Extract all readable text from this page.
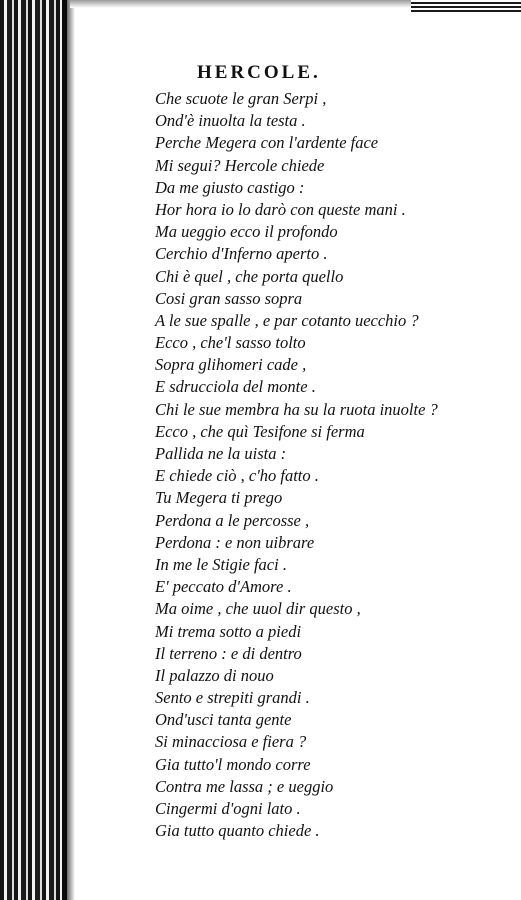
HERCOLE.
Che scuote le gran Serpi ,
Ond'è inuolta la testa .
Perche Megera con l'ardente face
Mi segui? Hercole chiede
Da me giusto castigo :
Hor hora io lo darò con queste mani .
Ma ueggio ecco il profondo
Cerchio d'Inferno aperto .
Chi è quel , che porta quello
Cosi gran sasso sopra
A le sue spalle , e par cotanto uecchio ?
Ecco , che'l sasso tolto
Sopra glihomeri cade ,
E sdrucciola del monte .
Chi le sue membra ha su la ruota inuolte ?
Ecco , che quì Tesifone si ferma
Pallida ne la uista :
E chiede ciò , c'ho fatto .
Tu Megera ti prego
Perdona a le percosse ,
Perdona : e non uibrare
In me le Stigie faci .
E' peccato d'Amore .
Ma oime , che uuol dir questo ,
Mi trema sotto a piedi
Il terreno : e di dentro
Il palazzo di nouo
Sento e strepiti grandi .
Ond'usci tanta gente
Si minacciosa e fiera ?
Gia tutto'l mondo corre
Contra me lassa ; e ueggio
Cingermi d'ogni lato .
Gia tutto quanto chiede .
